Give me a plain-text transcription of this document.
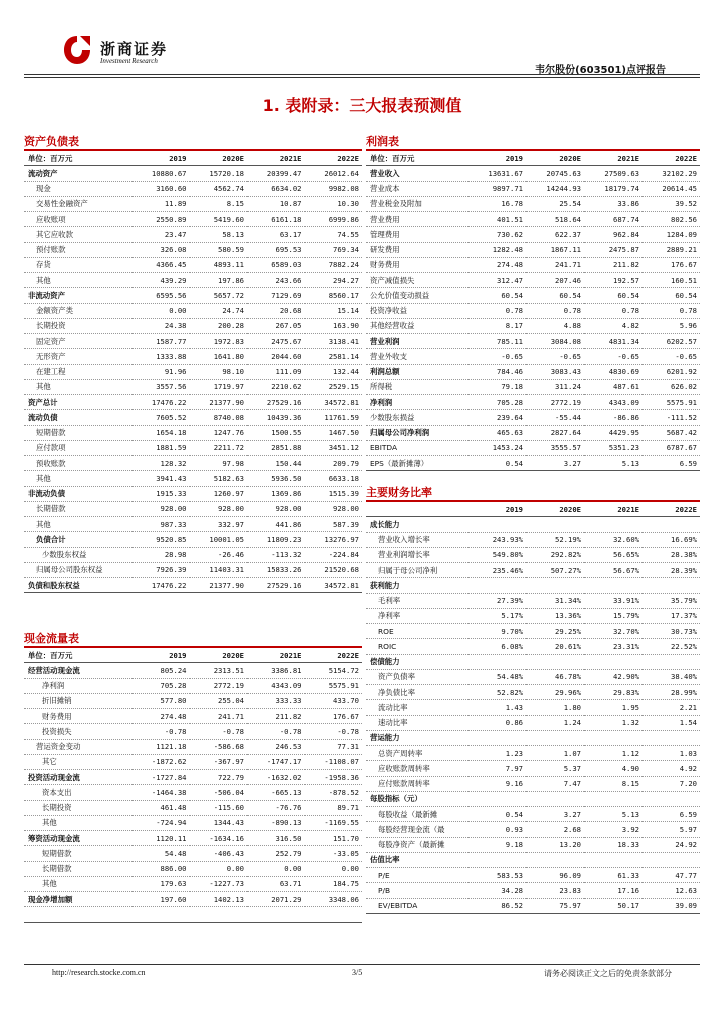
浙商证券
Investment Research
韦尔股份(603501)点评报告
1. 表附录：三大报表预测值
资产负债表
单位：百万元	2019	2020E	2021E	2022E
流动资产	10880.67	15720.18	20399.47	26012.64
现金	3160.60	4562.74	6634.02	9982.08
交易性金融资产	11.89	8.15	10.87	10.30
应收账项	2550.89	5419.60	6161.18	6999.86
其它应收款	23.47	58.13	63.17	74.55
预付账款	326.08	580.59	695.53	769.34
存货	4366.45	4893.11	6589.03	7882.24
其他	439.29	197.86	243.66	294.27
非流动资产	6595.56	5657.72	7129.69	8560.17
金额资产类	0.00	24.74	20.68	15.14
长期投资	24.38	200.28	267.05	163.90
固定资产	1587.77	1972.83	2475.67	3138.41
无形资产	1333.88	1641.80	2044.60	2581.14
在建工程	91.96	98.10	111.09	132.44
其他	3557.56	1719.97	2210.62	2529.15
资产总计	17476.22	21377.90	27529.16	34572.81
流动负债	7605.52	8740.08	10439.36	11761.59
短期借款	1654.18	1247.76	1500.55	1467.50
应付款项	1881.59	2211.72	2851.88	3451.12
预收账款	128.32	97.98	150.44	209.79
其他	3941.43	5182.63	5936.50	6633.18
非流动负债	1915.33	1260.97	1369.86	1515.39
长期借款	928.00	928.00	928.00	928.00
其他	987.33	332.97	441.86	587.39
负债合计	9520.85	10001.05	11809.23	13276.97
少数股东权益	28.98	-26.46	-113.32	-224.84
归属母公司股东权益	7926.39	11403.31	15833.26	21520.68
负债和股东权益	17476.22	21377.90	27529.16	34572.81
现金流量表
单位：百万元	2019	2020E	2021E	2022E
经营活动现金流	805.24	2313.51	3386.81	5154.72
净利润	705.28	2772.19	4343.09	5575.91
折旧摊销	577.80	255.04	333.33	433.70
财务费用	274.48	241.71	211.82	176.67
投资损失	-0.78	-0.78	-0.78	-0.78
营运资金变动	1121.18	-586.68	246.53	77.31
其它	-1872.62	-367.97	-1747.17	-1108.07
投资活动现金流	-1727.84	722.79	-1632.02	-1958.36
资本支出	-1464.38	-506.04	-665.13	-878.52
长期投资	461.48	-115.60	-76.76	89.71
其他	-724.94	1344.43	-890.13	-1169.55
筹资活动现金流	1120.11	-1634.16	316.50	151.70
短期借款	54.48	-406.43	252.79	-33.05
长期借款	886.00	0.00	0.00	0.00
其他	179.63	-1227.73	63.71	184.75
现金净增加额	197.60	1402.13	2071.29	3348.06

利润表
单位：百万元	2019	2020E	2021E	2022E
营业收入	13631.67	20745.63	27509.63	32102.29
营业成本	9897.71	14244.93	18179.74	20614.45
营业税金及附加	16.78	25.54	33.86	39.52
营业费用	401.51	518.64	687.74	802.56
管理费用	730.62	622.37	962.84	1284.09
研发费用	1282.48	1867.11	2475.87	2889.21
财务费用	274.48	241.71	211.82	176.67
资产减值损失	312.47	207.46	192.57	160.51
公允价值变动损益	60.54	60.54	60.54	60.54
投资净收益	0.78	0.78	0.78	0.78
其他经营收益	8.17	4.88	4.82	5.96
营业利润	785.11	3084.08	4831.34	6202.57
营业外收支	-0.65	-0.65	-0.65	-0.65
利润总额	784.46	3083.43	4830.69	6201.92
所得税	79.18	311.24	487.61	626.02
净利润	705.28	2772.19	4343.09	5575.91
少数股东损益	239.64	-55.44	-86.86	-111.52
归属母公司净利润	465.63	2827.64	4429.95	5687.42
EBITDA	1453.24	3555.57	5351.23	6787.67
EPS（最新摊薄）	0.54	3.27	5.13	6.59
主要财务比率
	2019	2020E	2021E	2022E
成长能力				
营业收入增长率	243.93%	52.19%	32.60%	16.69%
营业利润增长率	549.80%	292.82%	56.65%	28.38%
归属于母公司净利	235.46%	507.27%	56.67%	28.39%
获利能力				
毛利率	27.39%	31.34%	33.91%	35.79%
净利率	5.17%	13.36%	15.79%	17.37%
ROE	9.70%	29.25%	32.70%	30.73%
ROIC	6.08%	20.61%	23.31%	22.52%
偿债能力				
资产负债率	54.48%	46.78%	42.90%	38.40%
净负债比率	52.82%	29.96%	29.83%	28.99%
流动比率	1.43	1.80	1.95	2.21
速动比率	0.86	1.24	1.32	1.54
营运能力				
总资产周转率	1.23	1.07	1.12	1.03
应收账款周转率	7.97	5.37	4.90	4.92
应付账款周转率	9.16	7.47	8.15	7.20
每股指标（元）				
每股收益（最新摊	0.54	3.27	5.13	6.59
每股经营现金流（最	0.93	2.68	3.92	5.97
每股净资产（最新摊	9.18	13.20	18.33	24.92
估值比率				
P/E	583.53	96.09	61.33	47.77
P/B	34.28	23.83	17.16	12.63
EV/EBITDA	86.52	75.97	50.17	39.09
http://research.stocke.com.cn	3/5	请务必阅读正文之后的免责条款部分
